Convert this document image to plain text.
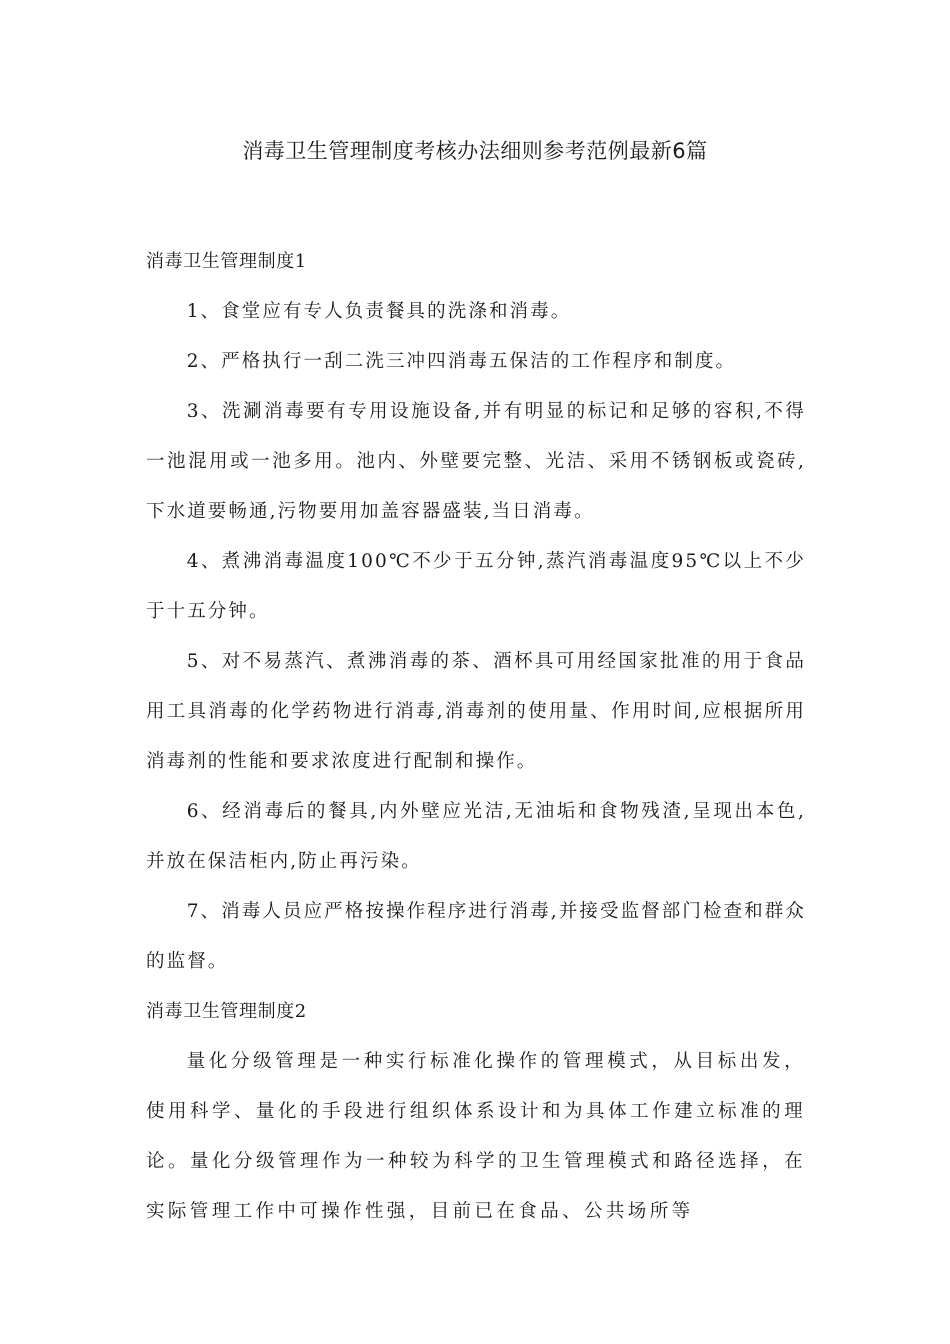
消毒卫生管理制度考核办法细则参考范例最新6篇
消毒卫生管理制度1

1、食堂应有专人负责餐具的洗涤和消毒。

2、严格执行一刮二洗三冲四消毒五保洁的工作程序和制度。

3、洗涮消毒要有专用设施设备,并有明显的标记和足够的容积,不得一池混用或一池多用。池内、外壁要完整、光洁、采用不锈钢板或瓷砖,下水道要畅通,污物要用加盖容器盛装,当日消毒。

4、煮沸消毒温度100℃不少于五分钟,蒸汽消毒温度95℃以上不少于十五分钟。

5、对不易蒸汽、煮沸消毒的茶、酒杯具可用经国家批准的用于食品用工具消毒的化学药物进行消毒,消毒剂的使用量、作用时间,应根据所用消毒剂的性能和要求浓度进行配制和操作。

6、经消毒后的餐具,内外壁应光洁,无油垢和食物残渣,呈现出本色,并放在保洁柜内,防止再污染。

7、消毒人员应严格按操作程序进行消毒,并接受监督部门检查和群众的监督。

消毒卫生管理制度2

量化分级管理是一种实行标准化操作的管理模式，从目标出发，使用科学、量化的手段进行组织体系设计和为具体工作建立标准的理论。量化分级管理作为一种较为科学的卫生管理模式和路径选择，在实际管理工作中可操作性强，目前已在食品、公共场所等
